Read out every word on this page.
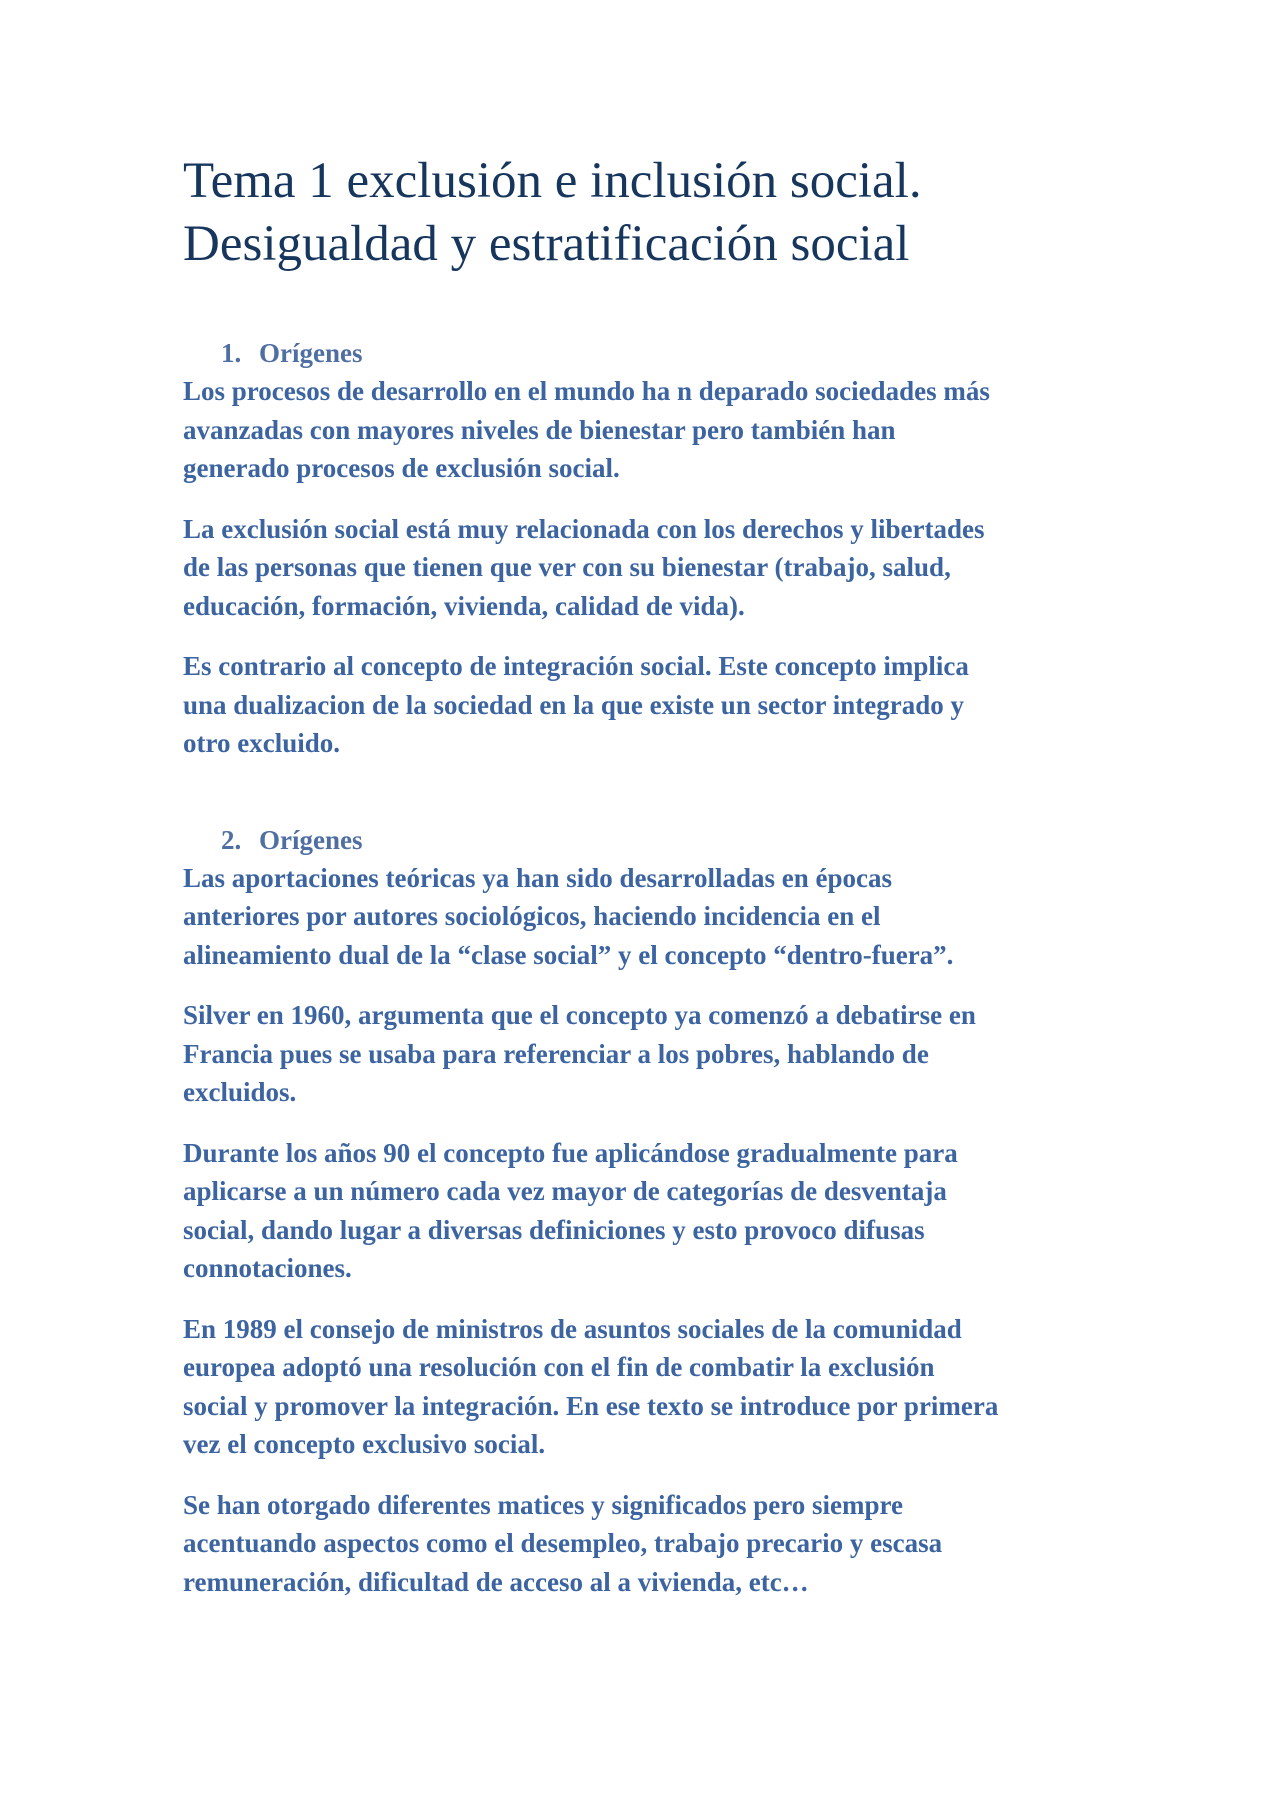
Tema 1 exclusión e inclusión social.
Desigualdad y estratificación social
1. Orígenes

Los procesos de desarrollo en el mundo ha n deparado sociedades más
avanzadas con mayores niveles de bienestar pero también han
generado procesos de exclusión social.

La exclusión social está muy relacionada con los derechos y libertades
de las personas que tienen que ver con su bienestar (trabajo, salud,
educación, formación, vivienda, calidad de vida).

Es contrario al concepto de integración social. Este concepto implica
una dualizacion de la sociedad en la que existe un sector integrado y
otro excluido.

2. Orígenes

Las aportaciones teóricas ya han sido desarrolladas en épocas
anteriores por autores sociológicos, haciendo incidencia en el
alineamiento dual de la “clase social” y el concepto “dentro-fuera”.

Silver en 1960, argumenta que el concepto ya comenzó a debatirse en
Francia pues se usaba para referenciar a los pobres, hablando de
excluidos.

Durante los años 90 el concepto fue aplicándose gradualmente para
aplicarse a un número cada vez mayor de categorías de desventaja
social, dando lugar a diversas definiciones y esto provoco difusas
connotaciones.

En 1989 el consejo de ministros de asuntos sociales de la comunidad
europea adoptó una resolución con el fin de combatir la exclusión
social y promover la integración. En ese texto se introduce por primera
vez el concepto exclusivo social.

Se han otorgado diferentes matices y significados pero siempre
acentuando aspectos como el desempleo, trabajo precario y escasa
remuneración, dificultad de acceso al a vivienda, etc…
